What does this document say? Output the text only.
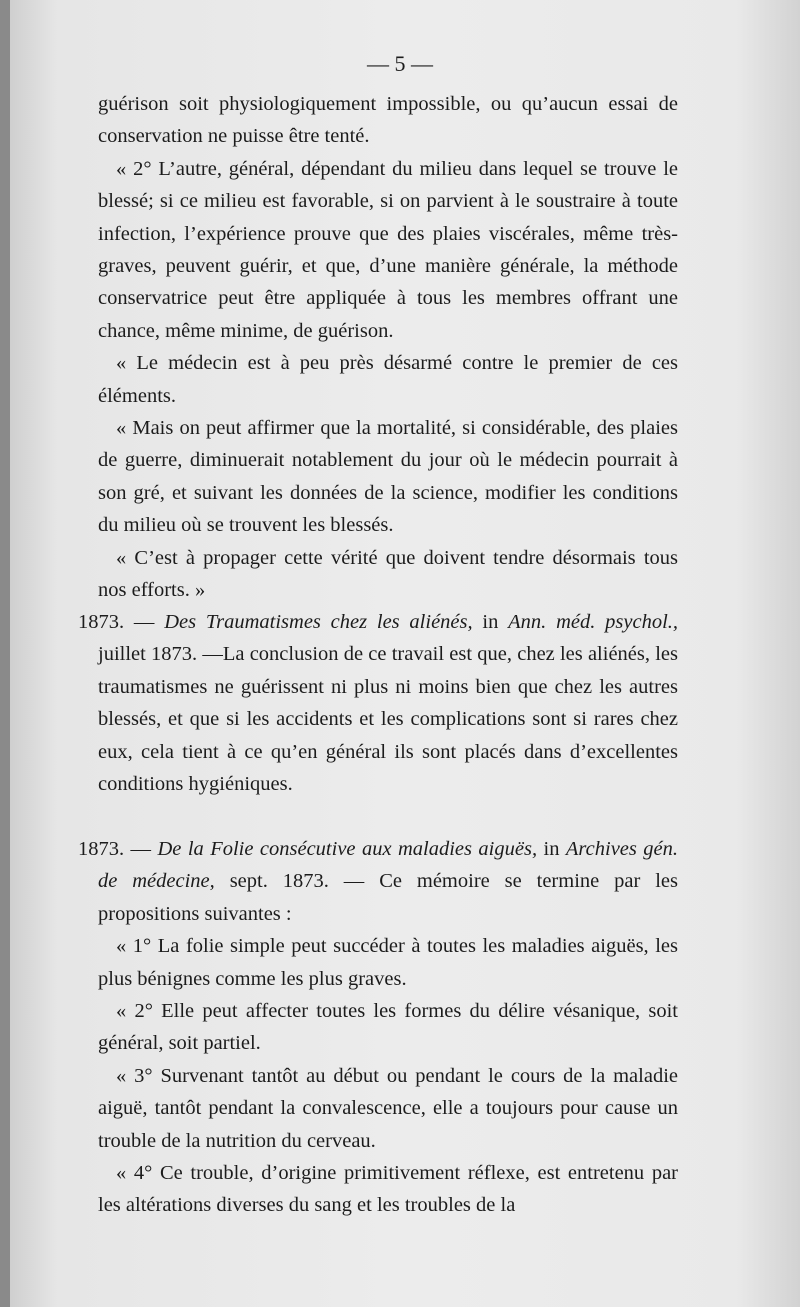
— 5 —

guérison soit physiologiquement impossible, ou qu’aucun essai de conservation ne puisse être tenté.

« 2° L’autre, général, dépendant du milieu dans lequel se trouve le blessé; si ce milieu est favorable, si on parvient à le soustraire à toute infection, l’expérience prouve que des plaies viscérales, même très-graves, peuvent guérir, et que, d’une manière générale, la méthode conservatrice peut être appliquée à tous les membres offrant une chance, même minime, de guérison.

« Le médecin est à peu près désarmé contre le premier de ces éléments.

« Mais on peut affirmer que la mortalité, si considérable, des plaies de guerre, diminuerait notablement du jour où le médecin pourrait à son gré, et suivant les données de la science, modifier les conditions du milieu où se trouvent les blessés.

« C’est à propager cette vérité que doivent tendre désormais tous nos efforts. »

1873. — Des Traumatismes chez les aliénés, in Ann. méd. psychol., juillet 1873. —La conclusion de ce travail est que, chez les aliénés, les traumatismes ne guérissent ni plus ni moins bien que chez les autres blessés, et que si les accidents et les complications sont si rares chez eux, cela tient à ce qu’en général ils sont placés dans d’excellentes conditions hygiéniques.

1873. — De la Folie consécutive aux maladies aiguës, in Archives gén. de médecine, sept. 1873. — Ce mémoire se termine par les propositions suivantes :

« 1° La folie simple peut succéder à toutes les maladies aiguës, les plus bénignes comme les plus graves.

« 2° Elle peut affecter toutes les formes du délire vésanique, soit général, soit partiel.

« 3° Survenant tantôt au début ou pendant le cours de la maladie aiguë, tantôt pendant la convalescence, elle a toujours pour cause un trouble de la nutrition du cerveau.

« 4° Ce trouble, d’origine primitivement réflexe, est entretenu par les altérations diverses du sang et les troubles de la
